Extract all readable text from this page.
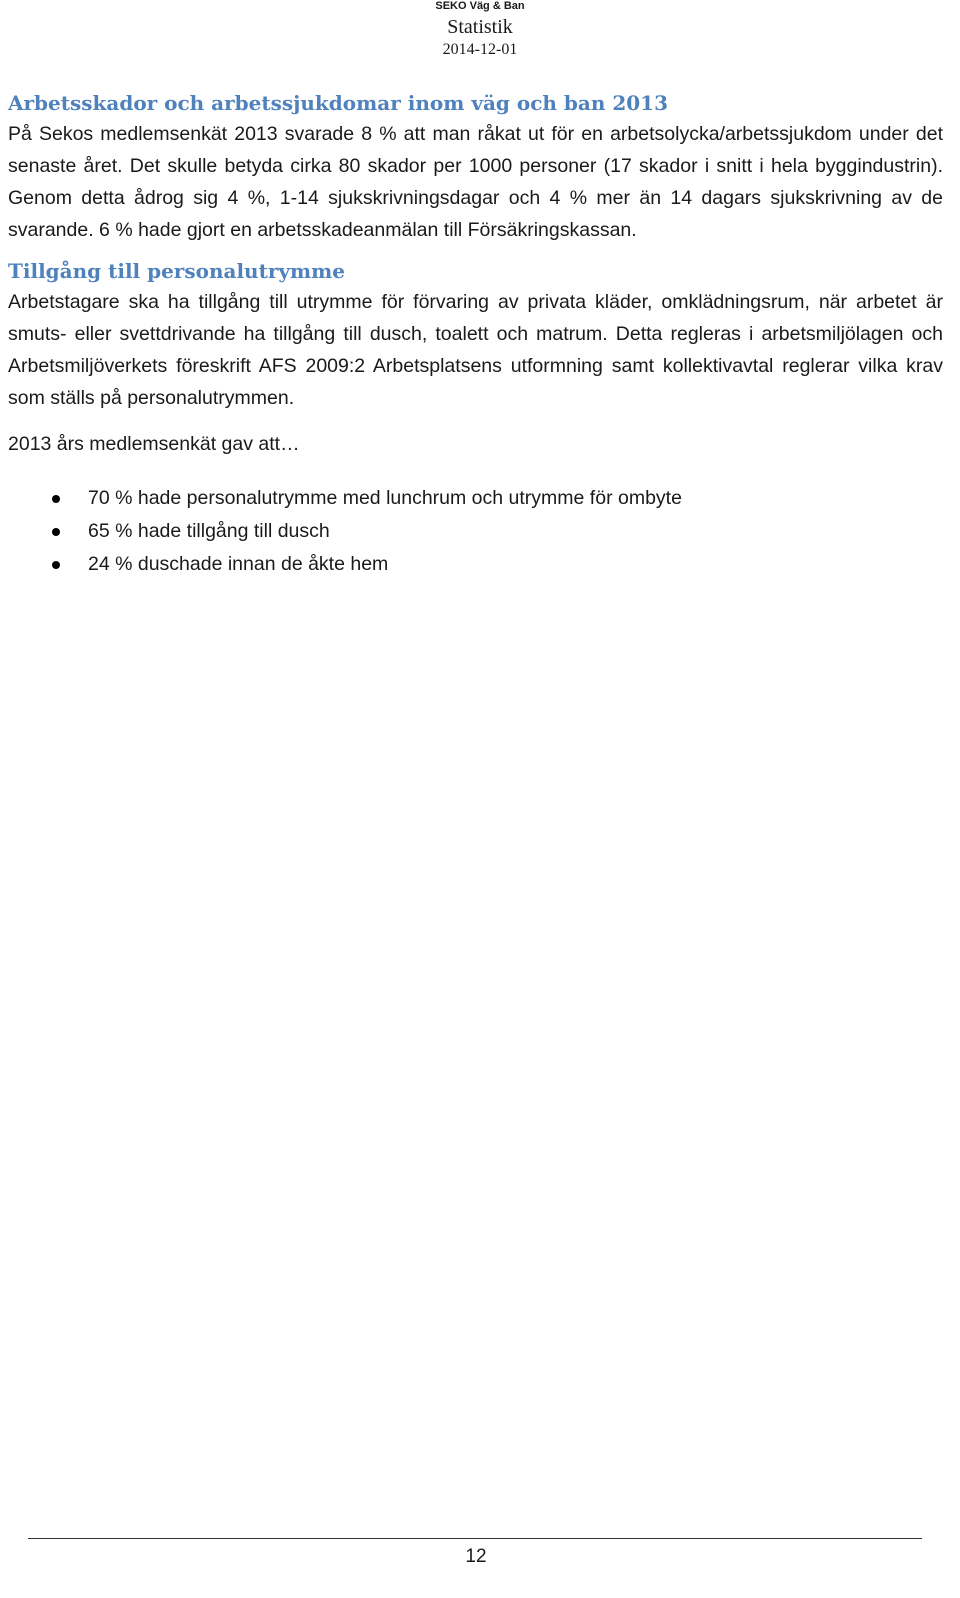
SEKO Väg & Ban
Statistik
2014-12-01
Arbetsskador och arbetssjukdomar inom väg och ban 2013

På Sekos medlemsenkät 2013 svarade 8 % att man råkat ut för en arbetsolycka/arbetssjukdom under det senaste året. Det skulle betyda cirka 80 skador per 1000 personer (17 skador i snitt i hela byggindustrin). Genom detta ådrog sig 4 %, 1-14 sjukskrivningsdagar och 4 % mer än 14 dagars sjukskrivning av de svarande. 6 % hade gjort en arbetsskadeanmälan till Försäkringskassan.

Tillgång till personalutrymme

Arbetstagare ska ha tillgång till utrymme för förvaring av privata kläder, omklädningsrum, när arbetet är smuts- eller svettdrivande ha tillgång till dusch, toalett och matrum. Detta regleras i arbetsmiljölagen och Arbetsmiljöverkets föreskrift AFS 2009:2 Arbetsplatsens utformning samt kollektivavtal reglerar vilka krav som ställs på personalutrymmen.

2013 års medlemsenkät gav att…

70 % hade personalutrymme med lunchrum och utrymme för ombyte
65 % hade tillgång till dusch
24 % duschade innan de åkte hem
12
